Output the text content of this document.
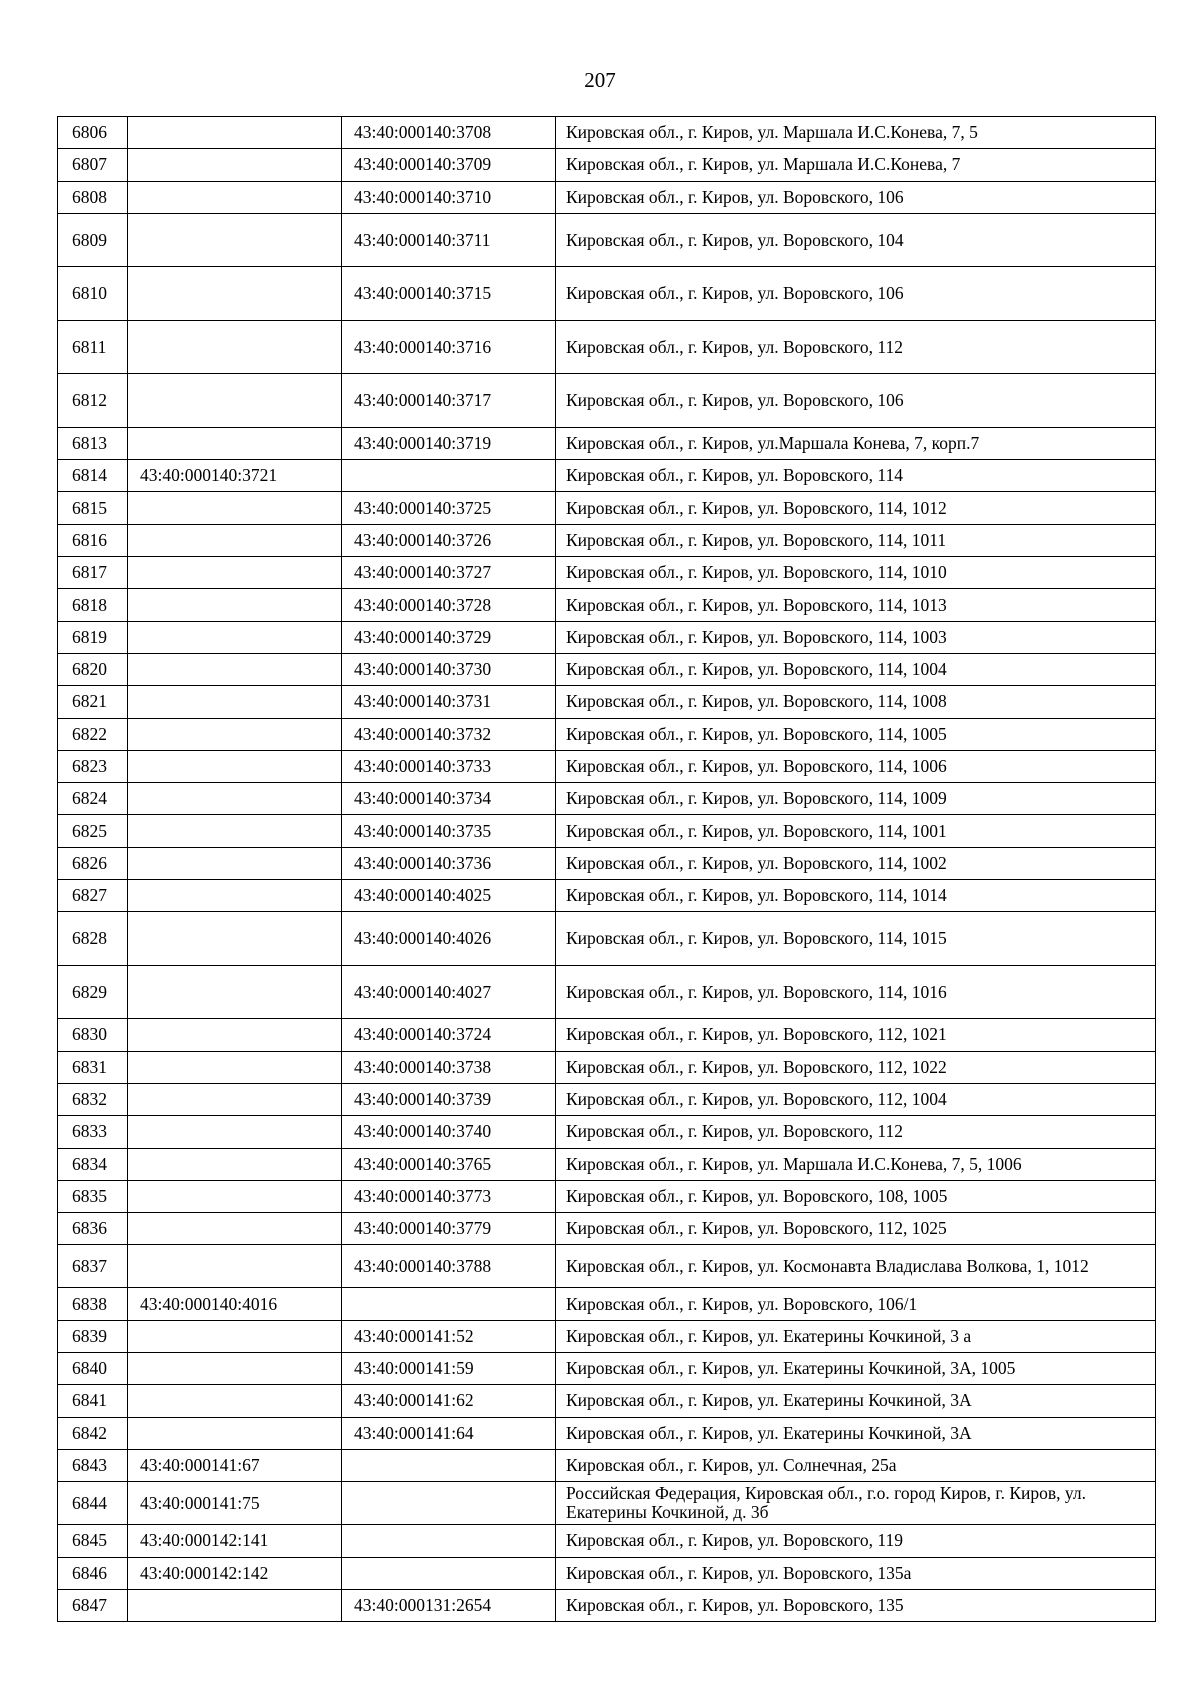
207
6806		43:40:000140:3708	Кировская обл., г. Киров, ул. Маршала И.С.Конева, 7, 5
6807		43:40:000140:3709	Кировская обл., г. Киров, ул. Маршала И.С.Конева, 7
6808		43:40:000140:3710	Кировская обл., г. Киров, ул. Воровского, 106
6809		43:40:000140:3711	Кировская обл., г. Киров, ул. Воровского, 104
6810		43:40:000140:3715	Кировская обл., г. Киров, ул. Воровского, 106
6811		43:40:000140:3716	Кировская обл., г. Киров, ул. Воровского, 112
6812		43:40:000140:3717	Кировская обл., г. Киров, ул. Воровского, 106
6813		43:40:000140:3719	Кировская обл., г. Киров, ул.Маршала Конева, 7, корп.7
6814	43:40:000140:3721		Кировская обл., г. Киров, ул. Воровского, 114
6815		43:40:000140:3725	Кировская обл., г. Киров, ул. Воровского, 114, 1012
6816		43:40:000140:3726	Кировская обл., г. Киров, ул. Воровского, 114, 1011
6817		43:40:000140:3727	Кировская обл., г. Киров, ул. Воровского, 114, 1010
6818		43:40:000140:3728	Кировская обл., г. Киров, ул. Воровского, 114, 1013
6819		43:40:000140:3729	Кировская обл., г. Киров, ул. Воровского, 114, 1003
6820		43:40:000140:3730	Кировская обл., г. Киров, ул. Воровского, 114, 1004
6821		43:40:000140:3731	Кировская обл., г. Киров, ул. Воровского, 114, 1008
6822		43:40:000140:3732	Кировская обл., г. Киров, ул. Воровского, 114, 1005
6823		43:40:000140:3733	Кировская обл., г. Киров, ул. Воровского, 114, 1006
6824		43:40:000140:3734	Кировская обл., г. Киров, ул. Воровского, 114, 1009
6825		43:40:000140:3735	Кировская обл., г. Киров, ул. Воровского, 114, 1001
6826		43:40:000140:3736	Кировская обл., г. Киров, ул. Воровского, 114, 1002
6827		43:40:000140:4025	Кировская обл., г. Киров, ул. Воровского, 114, 1014
6828		43:40:000140:4026	Кировская обл., г. Киров, ул. Воровского, 114, 1015
6829		43:40:000140:4027	Кировская обл., г. Киров, ул. Воровского, 114, 1016
6830		43:40:000140:3724	Кировская обл., г. Киров, ул. Воровского, 112, 1021
6831		43:40:000140:3738	Кировская обл., г. Киров, ул. Воровского, 112, 1022
6832		43:40:000140:3739	Кировская обл., г. Киров, ул. Воровского, 112, 1004
6833		43:40:000140:3740	Кировская обл., г. Киров, ул. Воровского, 112
6834		43:40:000140:3765	Кировская обл., г. Киров, ул. Маршала И.С.Конева, 7, 5, 1006
6835		43:40:000140:3773	Кировская обл., г. Киров, ул. Воровского, 108, 1005
6836		43:40:000140:3779	Кировская обл., г. Киров, ул. Воровского, 112, 1025
6837		43:40:000140:3788	Кировская обл., г. Киров, ул. Космонавта Владислава Волкова, 1, 1012
6838	43:40:000140:4016		Кировская обл., г. Киров, ул. Воровского, 106/1
6839		43:40:000141:52	Кировская обл., г. Киров, ул. Екатерины Кочкиной, 3 а
6840		43:40:000141:59	Кировская обл., г. Киров, ул. Екатерины Кочкиной, 3А, 1005
6841		43:40:000141:62	Кировская обл., г. Киров, ул. Екатерины Кочкиной, 3А
6842		43:40:000141:64	Кировская обл., г. Киров, ул. Екатерины Кочкиной, 3А
6843	43:40:000141:67		Кировская обл., г. Киров, ул. Солнечная, 25а
6844	43:40:000141:75		Российская Федерация, Кировская обл., г.о. город Киров, г. Киров, ул. Екатерины Кочкиной, д. 3б
6845	43:40:000142:141		Кировская обл., г. Киров, ул. Воровского, 119
6846	43:40:000142:142		Кировская обл., г. Киров, ул. Воровского, 135а
6847		43:40:000131:2654	Кировская обл., г. Киров, ул. Воровского, 135
